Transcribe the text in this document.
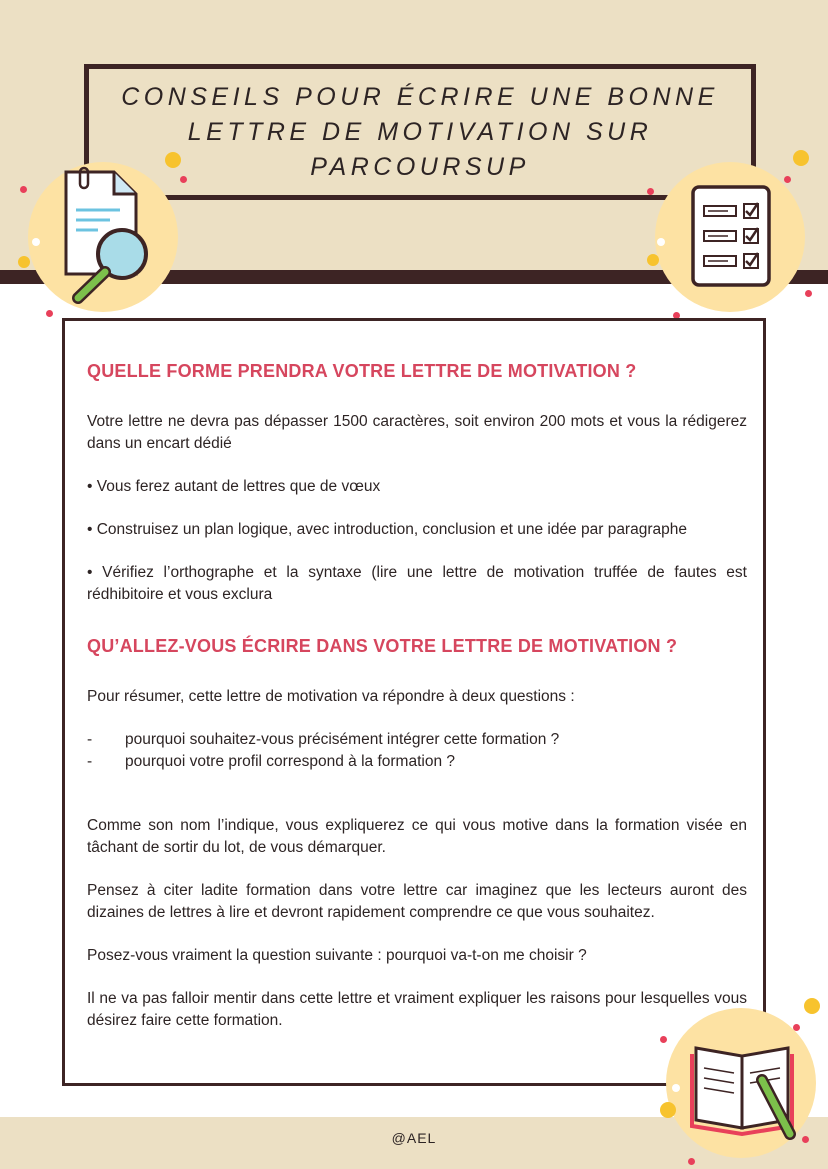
CONSEILS POUR ÉCRIRE UNE BONNE LETTRE DE MOTIVATION SUR PARCOURSUP
QUELLE FORME PRENDRA VOTRE LETTRE DE MOTIVATION ?

Votre lettre ne devra pas dépasser 1500 caractères, soit environ 200 mots et vous la rédigerez dans un encart dédié

• Vous ferez autant de lettres que de vœux

• Construisez un plan logique, avec introduction, conclusion et une idée par paragraphe

• Vérifiez l’orthographe et la syntaxe (lire une lettre de motivation truffée de fautes est rédhibitoire et vous exclura

QU’ALLEZ-VOUS ÉCRIRE DANS VOTRE LETTRE DE MOTIVATION ?

Pour résumer, cette lettre de motivation va répondre à deux questions :

-	pourquoi souhaitez-vous précisément intégrer cette formation ?
-	pourquoi votre profil correspond à la formation ?

Comme son nom l’indique, vous expliquerez ce qui vous motive dans la formation visée en tâchant de sortir du lot, de vous démarquer.

Pensez à citer ladite formation dans votre lettre car imaginez que les lecteurs auront des dizaines de lettres à lire et devront rapidement comprendre ce que vous souhaitez.

Posez-vous vraiment la question suivante : pourquoi va-t-on me choisir ?

Il ne va pas falloir mentir dans cette lettre et vraiment expliquer les raisons pour lesquelles vous désirez faire cette formation.

@AEL
